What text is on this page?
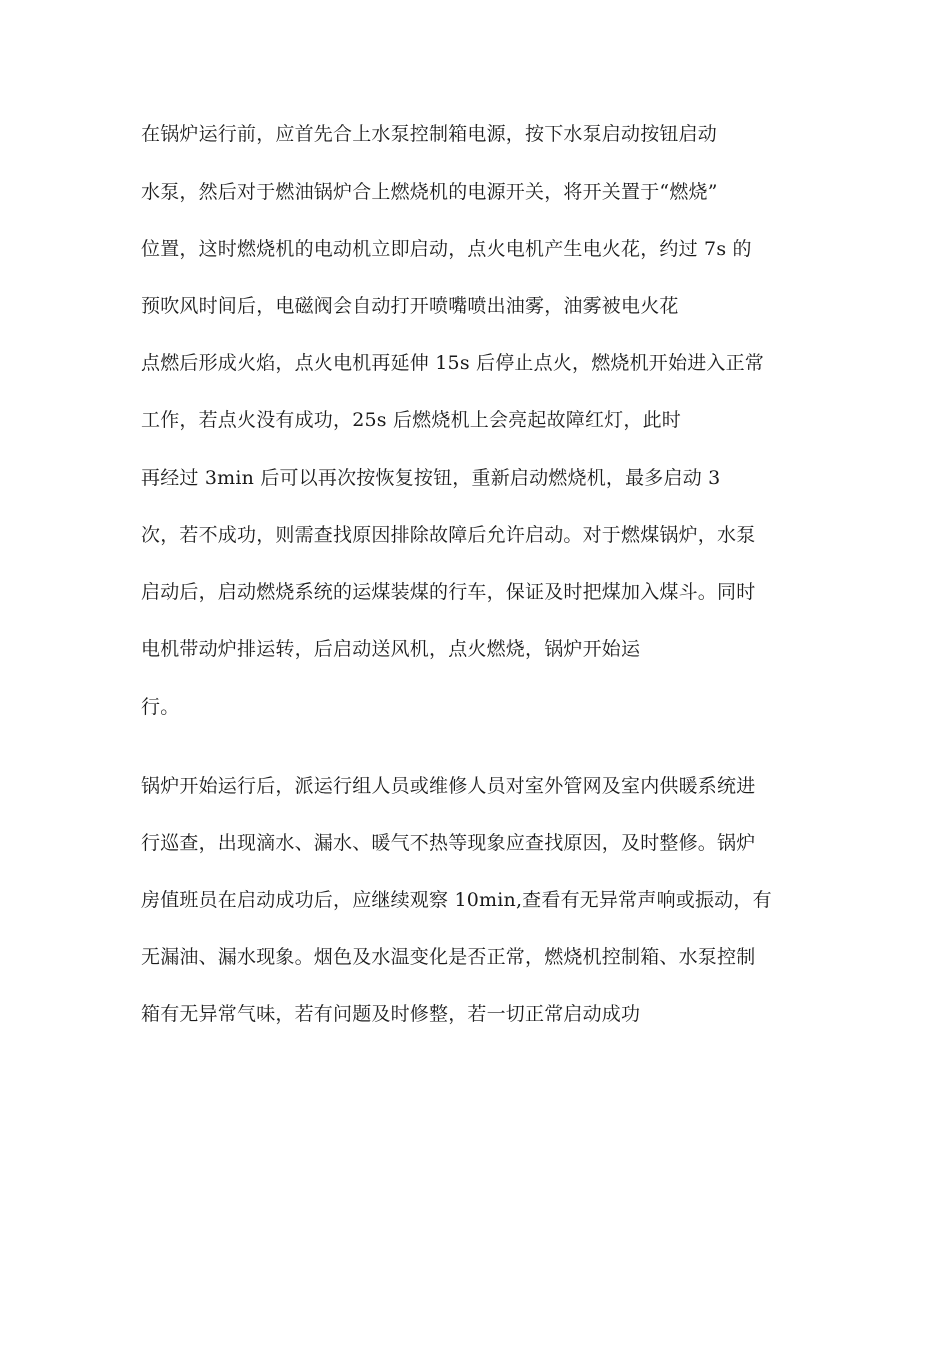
在锅炉运行前，应首先合上水泵控制箱电源，按下水泵启动按钮启动
水泵，然后对于燃油锅炉合上燃烧机的电源开关，将开关置于“燃烧”
位置，这时燃烧机的电动机立即启动，点火电机产生电火花，约过 7s 的
预吹风时间后，电磁阀会自动打开喷嘴喷出油雾，油雾被电火花
点燃后形成火焰，点火电机再延伸 15s 后停止点火，燃烧机开始进入正常
工作，若点火没有成功，25s 后燃烧机上会亮起故障红灯，此时
再经过 3min 后可以再次按恢复按钮，重新启动燃烧机，最多启动 3
次，若不成功，则需查找原因排除故障后允许启动。对于燃煤锅炉，水泵
启动后，启动燃烧系统的运煤装煤的行车，保证及时把煤加入煤斗。同时
电机带动炉排运转，后启动送风机，点火燃烧，锅炉开始运
行。
锅炉开始运行后，派运行组人员或维修人员对室外管网及室内供暖系统进
行巡查，出现滴水、漏水、暖气不热等现象应查找原因，及时整修。锅炉
房值班员在启动成功后，应继续观察 10min,查看有无异常声响或振动，有
无漏油、漏水现象。烟色及水温变化是否正常，燃烧机控制箱、水泵控制
箱有无异常气味，若有问题及时修整，若一切正常启动成功
